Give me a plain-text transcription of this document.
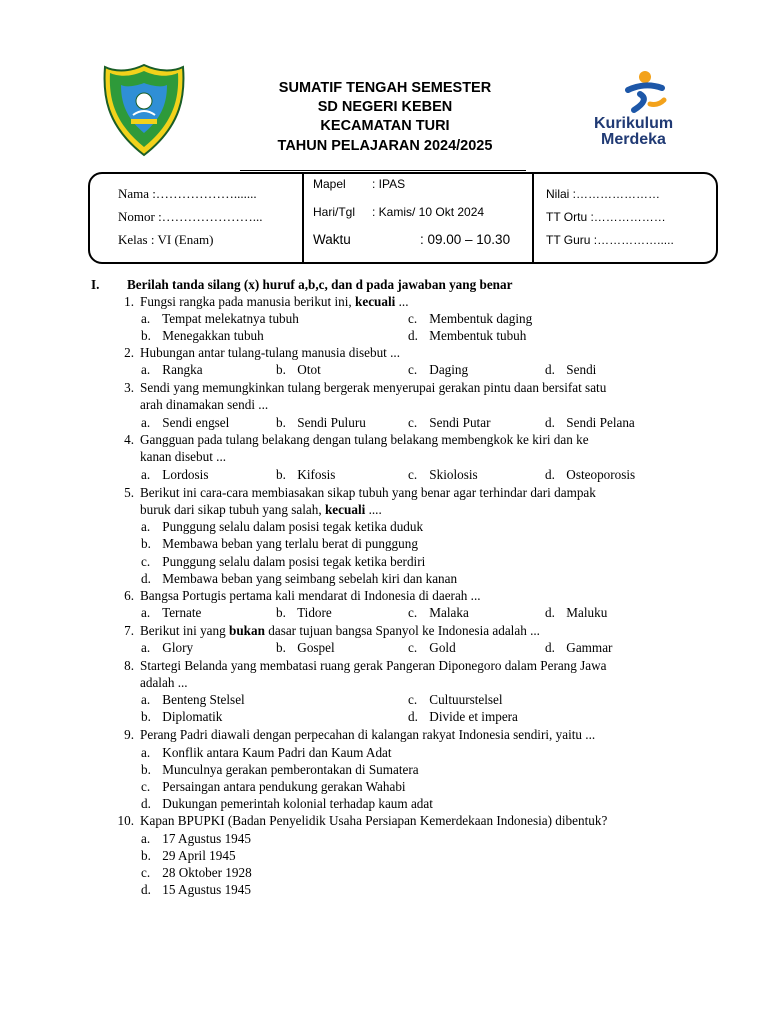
SUMATIF TENGAH SEMESTER
SD NEGERI KEBEN
KECAMATAN TURI
TAHUN PELAJARAN 2024/2025
Kurikulum
Merdeka
Nama :……………….......
Nomor :…………………...
Kelas : VI (Enam)
Mapel : IPAS
Hari/Tgl : Kamis/ 10 Okt 2024
Waktu	: 09.00 – 10.30
Nilai :…………………
TT Ortu :………………
TT Guru :…………….....
I. Berilah tanda silang (x) huruf a,b,c, dan d pada jawaban yang benar
1. Fungsi rangka pada manusia berikut ini, kecuali ...
a. Tempat melekatnya tubuh	c. Membentuk daging
b. Menegakkan tubuh	d. Membentuk tubuh
2. Hubungan antar tulang-tulang manusia disebut ...
a. Rangka	b. Otot	c. Daging	d. Sendi
3. Sendi yang memungkinkan tulang bergerak menyerupai gerakan pintu daan bersifat satu
arah dinamakan sendi ...
a. Sendi engsel	b. Sendi Puluru	c. Sendi Putar	d. Sendi Pelana
4. Gangguan pada tulang belakang dengan tulang belakang membengkok ke kiri dan ke
kanan disebut ...
a. Lordosis	b. Kifosis	c. Skiolosis	d. Osteoporosis
5. Berikut ini cara-cara membiasakan sikap tubuh yang benar agar terhindar dari dampak
buruk dari sikap tubuh yang salah, kecuali ....
a. Punggung selalu dalam posisi tegak ketika duduk
b. Membawa beban yang terlalu berat di punggung
c. Punggung selalu dalam posisi tegak ketika berdiri
d. Membawa beban yang seimbang sebelah kiri dan kanan
6. Bangsa Portugis pertama kali mendarat di Indonesia di daerah ...
a. Ternate	b. Tidore	c. Malaka	d. Maluku
7. Berikut ini yang bukan dasar tujuan bangsa Spanyol ke Indonesia adalah ...
a. Glory	b. Gospel	c. Gold	d. Gammar
8. Startegi Belanda yang membatasi ruang gerak Pangeran Diponegoro dalam Perang Jawa
adalah ...
a. Benteng Stelsel	c. Cultuurstelsel
b. Diplomatik	d. Divide et impera
9. Perang Padri diawali dengan perpecahan di kalangan rakyat Indonesia sendiri, yaitu ...
a. Konflik antara Kaum Padri dan Kaum Adat
b. Munculnya gerakan pemberontakan di Sumatera
c. Persaingan antara pendukung gerakan Wahabi
d. Dukungan pemerintah kolonial terhadap kaum adat
10. Kapan BPUPKI (Badan Penyelidik Usaha Persiapan Kemerdekaan Indonesia) dibentuk?
a. 17 Agustus 1945
b. 29 April 1945
c. 28 Oktober 1928
d. 15 Agustus 1945
